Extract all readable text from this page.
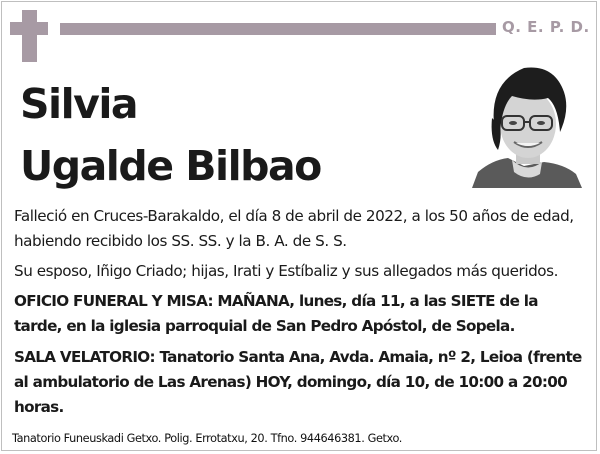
Q. E. P. D.
Silvia
Ugalde Bilbao
Falleció en Cruces-Barakaldo, el día 8 de abril de 2022, a los 50 años de edad, habiendo recibido los SS. SS. y la B. A. de S. S.
Su esposo, Iñigo Criado; hijas, Irati y Estíbaliz y sus allegados más queridos.
OFICIO FUNERAL Y MISA: MAÑANA, lunes, día 11, a las SIETE de la tarde, en la iglesia parroquial de San Pedro Apóstol, de Sopela.
SALA VELATORIO: Tanatorio Santa Ana, Avda. Amaia, nº 2, Leioa (frente al ambulatorio de Las Arenas) HOY, domingo, día 10, de 10:00 a 20:00 horas.
Tanatorio Funeuskadi Getxo. Polig. Errotatxu, 20. Tfno. 944646381. Getxo.
